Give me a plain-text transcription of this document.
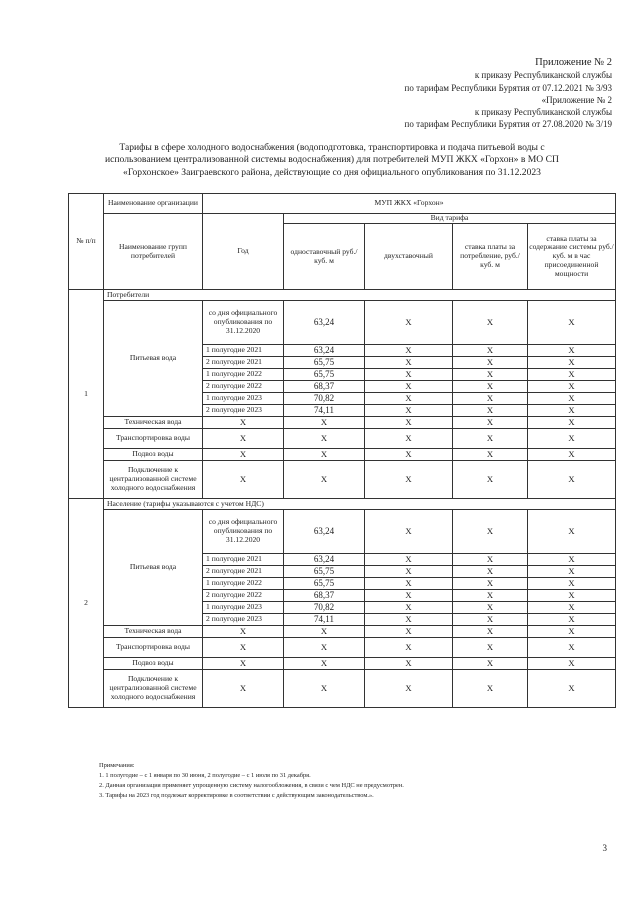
Приложение № 2
к приказу Республиканской службы
по тарифам Республики Бурятия от 07.12.2021 № 3/93
«Приложение № 2
к приказу Республиканской службы
по тарифам Республики Бурятия от 27.08.2020 № 3/19
Тарифы в сфере холодного водоснабжения (водоподготовка, транспортировка и подача питьевой воды с
использованием централизованной системы водоснабжения) для потребителей МУП ЖКХ «Горхон» в МО СП
«Горхонское» Заиграевского района, действующие со дня официального опубликования по 31.12.2023
№ п/п	Наименование организации	МУП ЖКХ «Горхон»				
	Наименование групп потребителей	Год	Вид тарифа			
			одноставочный руб./ куб. м	двухставочный	ставка платы за потребление, руб./ куб. м	ставка платы за содержание системы руб./куб. м в час присоединенной мощности
1	Потребители					
	Питьевая вода	со дня официального опубликования по 31.12.2020	63,24	X	X	X
		1 полугодие 2021	63,24	X	X	X
		2 полугодие 2021	65,75	X	X	X
		1 полугодие 2022	65,75	X	X	X
		2 полугодие 2022	68,37	X	X	X
		1 полугодие 2023	70,82	X	X	X
		2 полугодие 2023	74,11	X	X	X
	Техническая вода	X	X	X	X	X
	Транспортировка воды	X	X	X	X	X
	Подвоз воды	X	X	X	X	X
	Подключение к централизованной системе холодного водоснабжения	X	X	X	X	X
2	Население (тарифы указываются с учетом НДС)					
	Питьевая вода	со дня официального опубликования по 31.12.2020	63,24	X	X	X
		1 полугодие 2021	63,24	X	X	X
		2 полугодие 2021	65,75	X	X	X
		1 полугодие 2022	65,75	X	X	X
		2 полугодие 2022	68,37	X	X	X
		1 полугодие 2023	70,82	X	X	X
		2 полугодие 2023	74,11	X	X	X
	Техническая вода	X	X	X	X	X
	Транспортировка воды	X	X	X	X	X
	Подвоз воды	X	X	X	X	X
	Подключение к централизованной системе холодного водоснабжения	X	X	X	X	X
Примечания:
1. 1 полугодие – с 1 января по 30 июня, 2 полугодие – с 1 июля по 31 декабря.
2. Данная организация применяет упрощенную систему налогообложения, в связи с чем НДС не предусмотрен.
3. Тарифы на 2023 год подлежат корректировке в соответствии с действующим законодательством.».
3
